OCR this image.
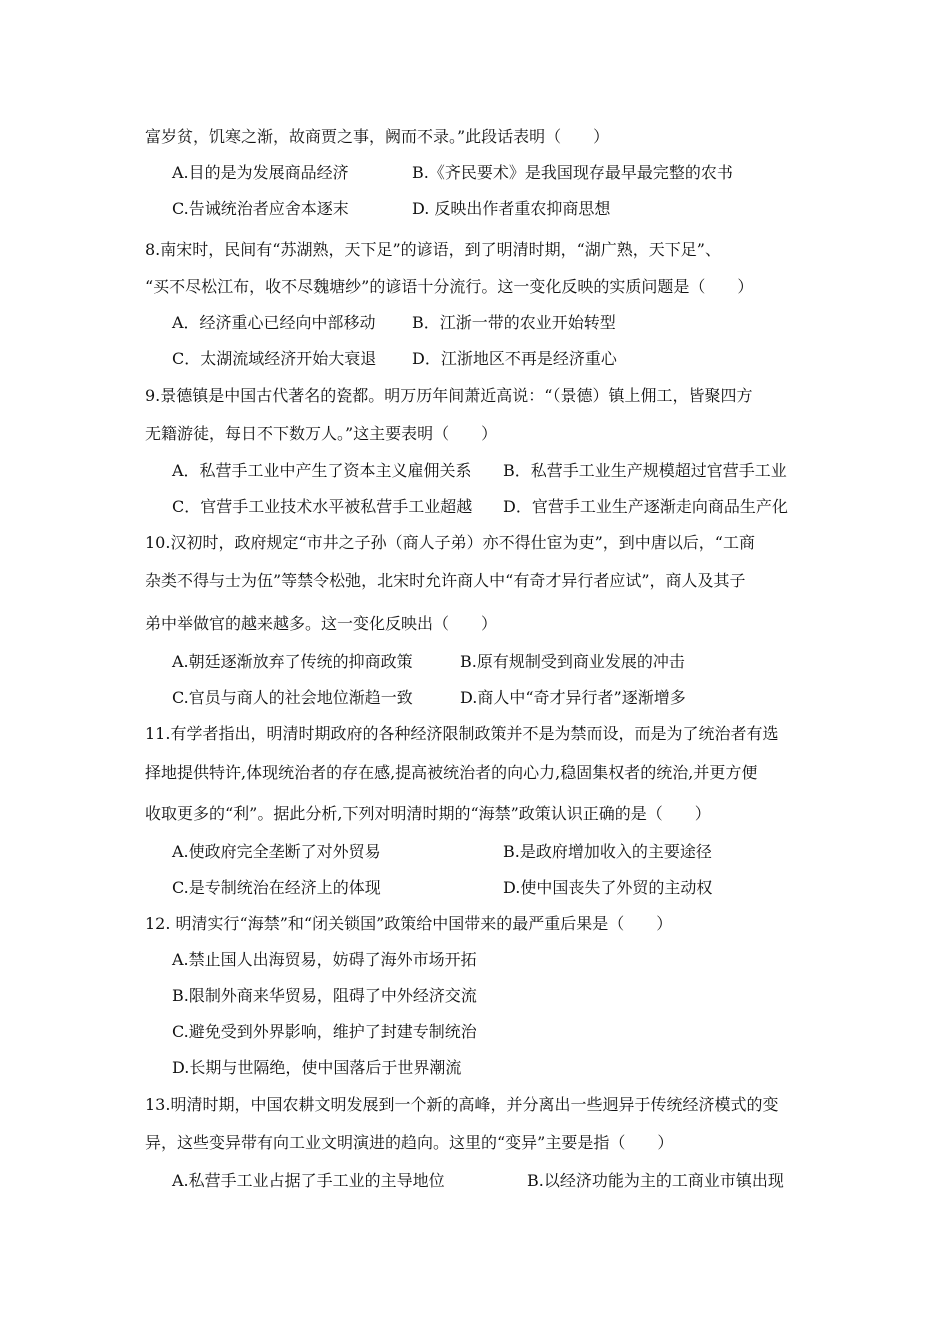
富岁贫，饥寒之渐，故商贾之事，阙而不录。”此段话表明（　　）
A.目的是为发展商品经济	B.《齐民要术》是我国现存最早最完整的农书
C.告诫统治者应舍本逐末	D. 反映出作者重农抑商思想
8.南宋时，民间有“苏湖熟，天下足”的谚语，到了明清时期，“湖广熟，天下足”、
“买不尽松江布，收不尽魏塘纱”的谚语十分流行。这一变化反映的实质问题是（　　）
A．经济重心已经向中部移动 B．江浙一带的农业开始转型
C．太湖流域经济开始大衰退 D．江浙地区不再是经济重心
9.景德镇是中国古代著名的瓷都。明万历年间萧近高说：“（景德）镇上佣工，皆聚四方
无籍游徒，每日不下数万人。”这主要表明（　　）
A．私营手工业中产生了资本主义雇佣关系 B．私营手工业生产规模超过官营手工业
C．官营手工业技术水平被私营手工业超越 D．官营手工业生产逐渐走向商品生产化
10.汉初时，政府规定“市井之子孙（商人子弟）亦不得仕宦为吏”，到中唐以后，“工商
杂类不得与士为伍”等禁令松弛，北宋时允许商人中“有奇才异行者应试”，商人及其子
弟中举做官的越来越多。这一变化反映出（　　）
A.朝廷逐渐放弃了传统的抑商政策	B.原有规制受到商业发展的冲击
C.官员与商人的社会地位渐趋一致	D.商人中“奇才异行者”逐渐增多
11.有学者指出，明清时期政府的各种经济限制政策并不是为禁而设，而是为了统治者有选
择地提供特许,体现统治者的存在感,提高被统治者的向心力,稳固集权者的统治,并更方便
收取更多的“利”。据此分析,下列对明清时期的“海禁”政策认识正确的是（　　）
A.使政府完全垄断了对外贸易	B.是政府增加收入的主要途径
C.是专制统治在经济上的体现	D.使中国丧失了外贸的主动权
12. 明清实行“海禁”和“闭关锁国”政策给中国带来的最严重后果是（　　）
A.禁止国人出海贸易，妨碍了海外市场开拓
B.限制外商来华贸易，阻碍了中外经济交流
C.避免受到外界影响，维护了封建专制统治
D.长期与世隔绝，使中国落后于世界潮流
13.明清时期，中国农耕文明发展到一个新的高峰，并分离出一些迥异于传统经济模式的变
异，这些变异带有向工业文明演进的趋向。这里的“变异”主要是指（　　）
A.私营手工业占据了手工业的主导地位	B.以经济功能为主的工商业市镇出现
